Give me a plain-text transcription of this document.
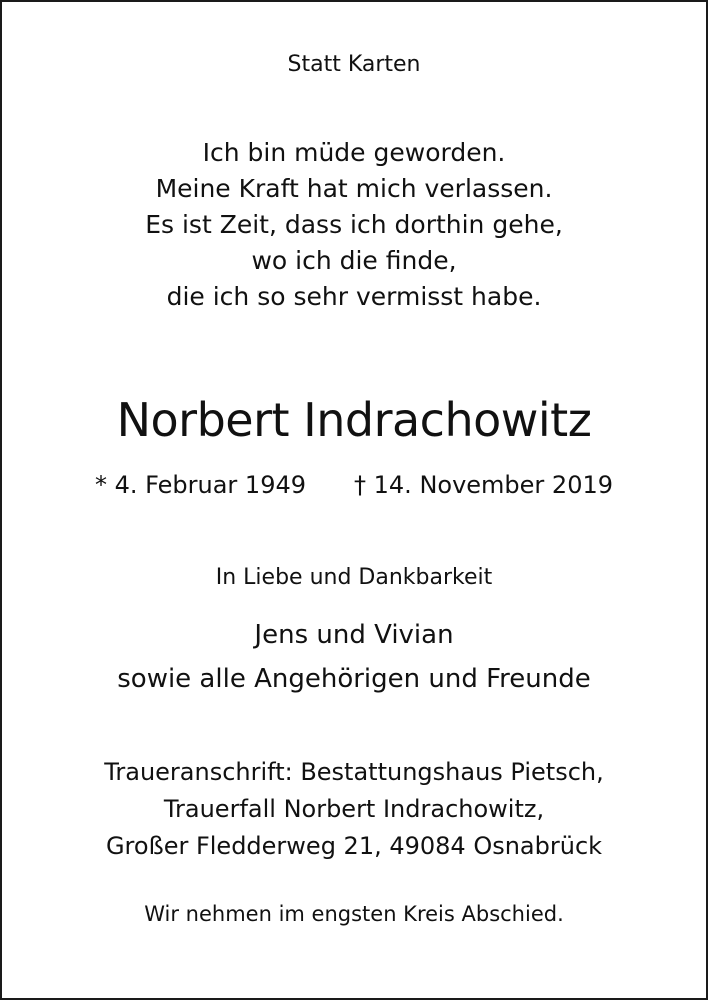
Statt Karten
Ich bin müde geworden.
Meine Kraft hat mich verlassen.
Es ist Zeit, dass ich dorthin gehe,
wo ich die finde,
die ich so sehr vermisst habe.
Norbert Indrachowitz
* 4. Februar 1949 † 14. November 2019
In Liebe und Dankbarkeit
Jens und Vivian
sowie alle Angehörigen und Freunde
Traueranschrift: Bestattungshaus Pietsch,
Trauerfall Norbert Indrachowitz,
Großer Fledderweg 21, 49084 Osnabrück
Wir nehmen im engsten Kreis Abschied.
